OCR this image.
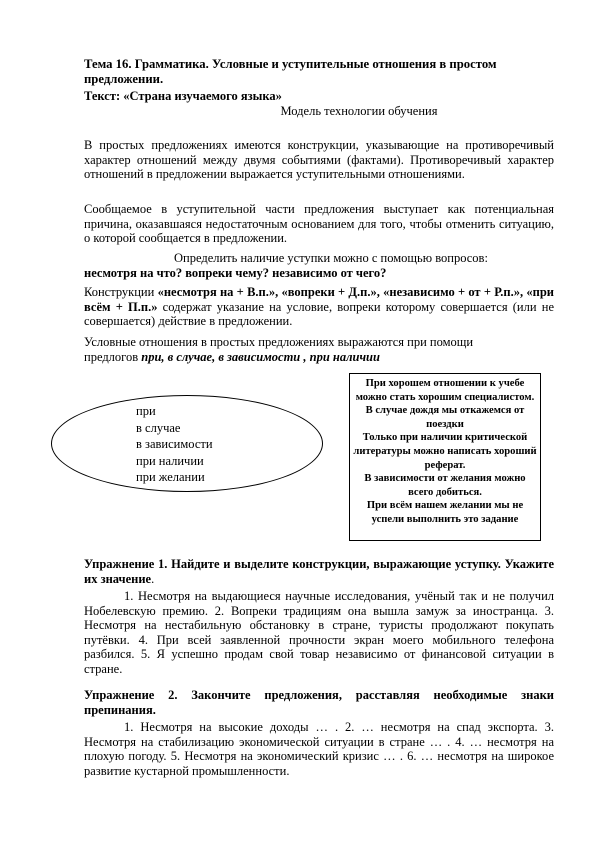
Тема 16. Грамматика. Условные и уступительные отношения в простом предложении.

Текст: «Страна изучаемого языка»

Модель технологии обучения

В простых предложениях имеются конструкции, указывающие на противоречивый характер отношений между двумя событиями (фактами). Противоречивый характер отношений в предложении выражается уступительными отношениями.

Сообщаемое в уступительной части предложения выступает как потенциальная причина, оказавшаяся недостаточным основанием для того, чтобы отменить ситуацию, о которой сообщается в предложении.

Определить наличие уступки можно с помощью вопросов:
несмотря на что? вопреки чему? независимо от чего?

Конструкции «несмотря на + В.п.», «вопреки + Д.п.», «независимо + от + Р.п.», «при всём + П.п.» содержат указание на условие, вопреки которому совершается (или не совершается) действие в предложении.

Условные отношения в простых предложениях выражаются при помощи предлогов при, в случае, в зависимости , при наличии

при
в случае
в зависимости
при наличии
при желании
При хорошем отношении к учебе можно стать хорошим специалистом.
В случае дождя мы откажемся от поездки
Только при наличии критической литературы можно написать хороший реферат.
В зависимости от желания можно всего добиться.
При всём нашем желании мы не успели выполнить это задание

Упражнение 1. Найдите и выделите конструкции, выражающие уступку. Укажите их значение.

1. Несмотря на выдающиеся научные исследования, учёный так и не получил Нобелевскую премию. 2. Вопреки традициям она вышла замуж за иностранца. 3. Несмотря на нестабильную обстановку в стране, туристы продолжают покупать путёвки. 4. При всей заявленной прочности экран моего мобильного телефона разбился. 5. Я успешно продам свой товар независимо от финансовой ситуации в стране.

Упражнение 2. Закончите предложения, расставляя необходимые знаки препинания.

1. Несмотря на высокие доходы … . 2. … несмотря на спад экспорта. 3. Несмотря на стабилизацию экономической ситуации в стране … . 4. … несмотря на плохую погоду. 5. Несмотря на экономический кризис … . 6. … несмотря на широкое развитие кустарной промышленности.
